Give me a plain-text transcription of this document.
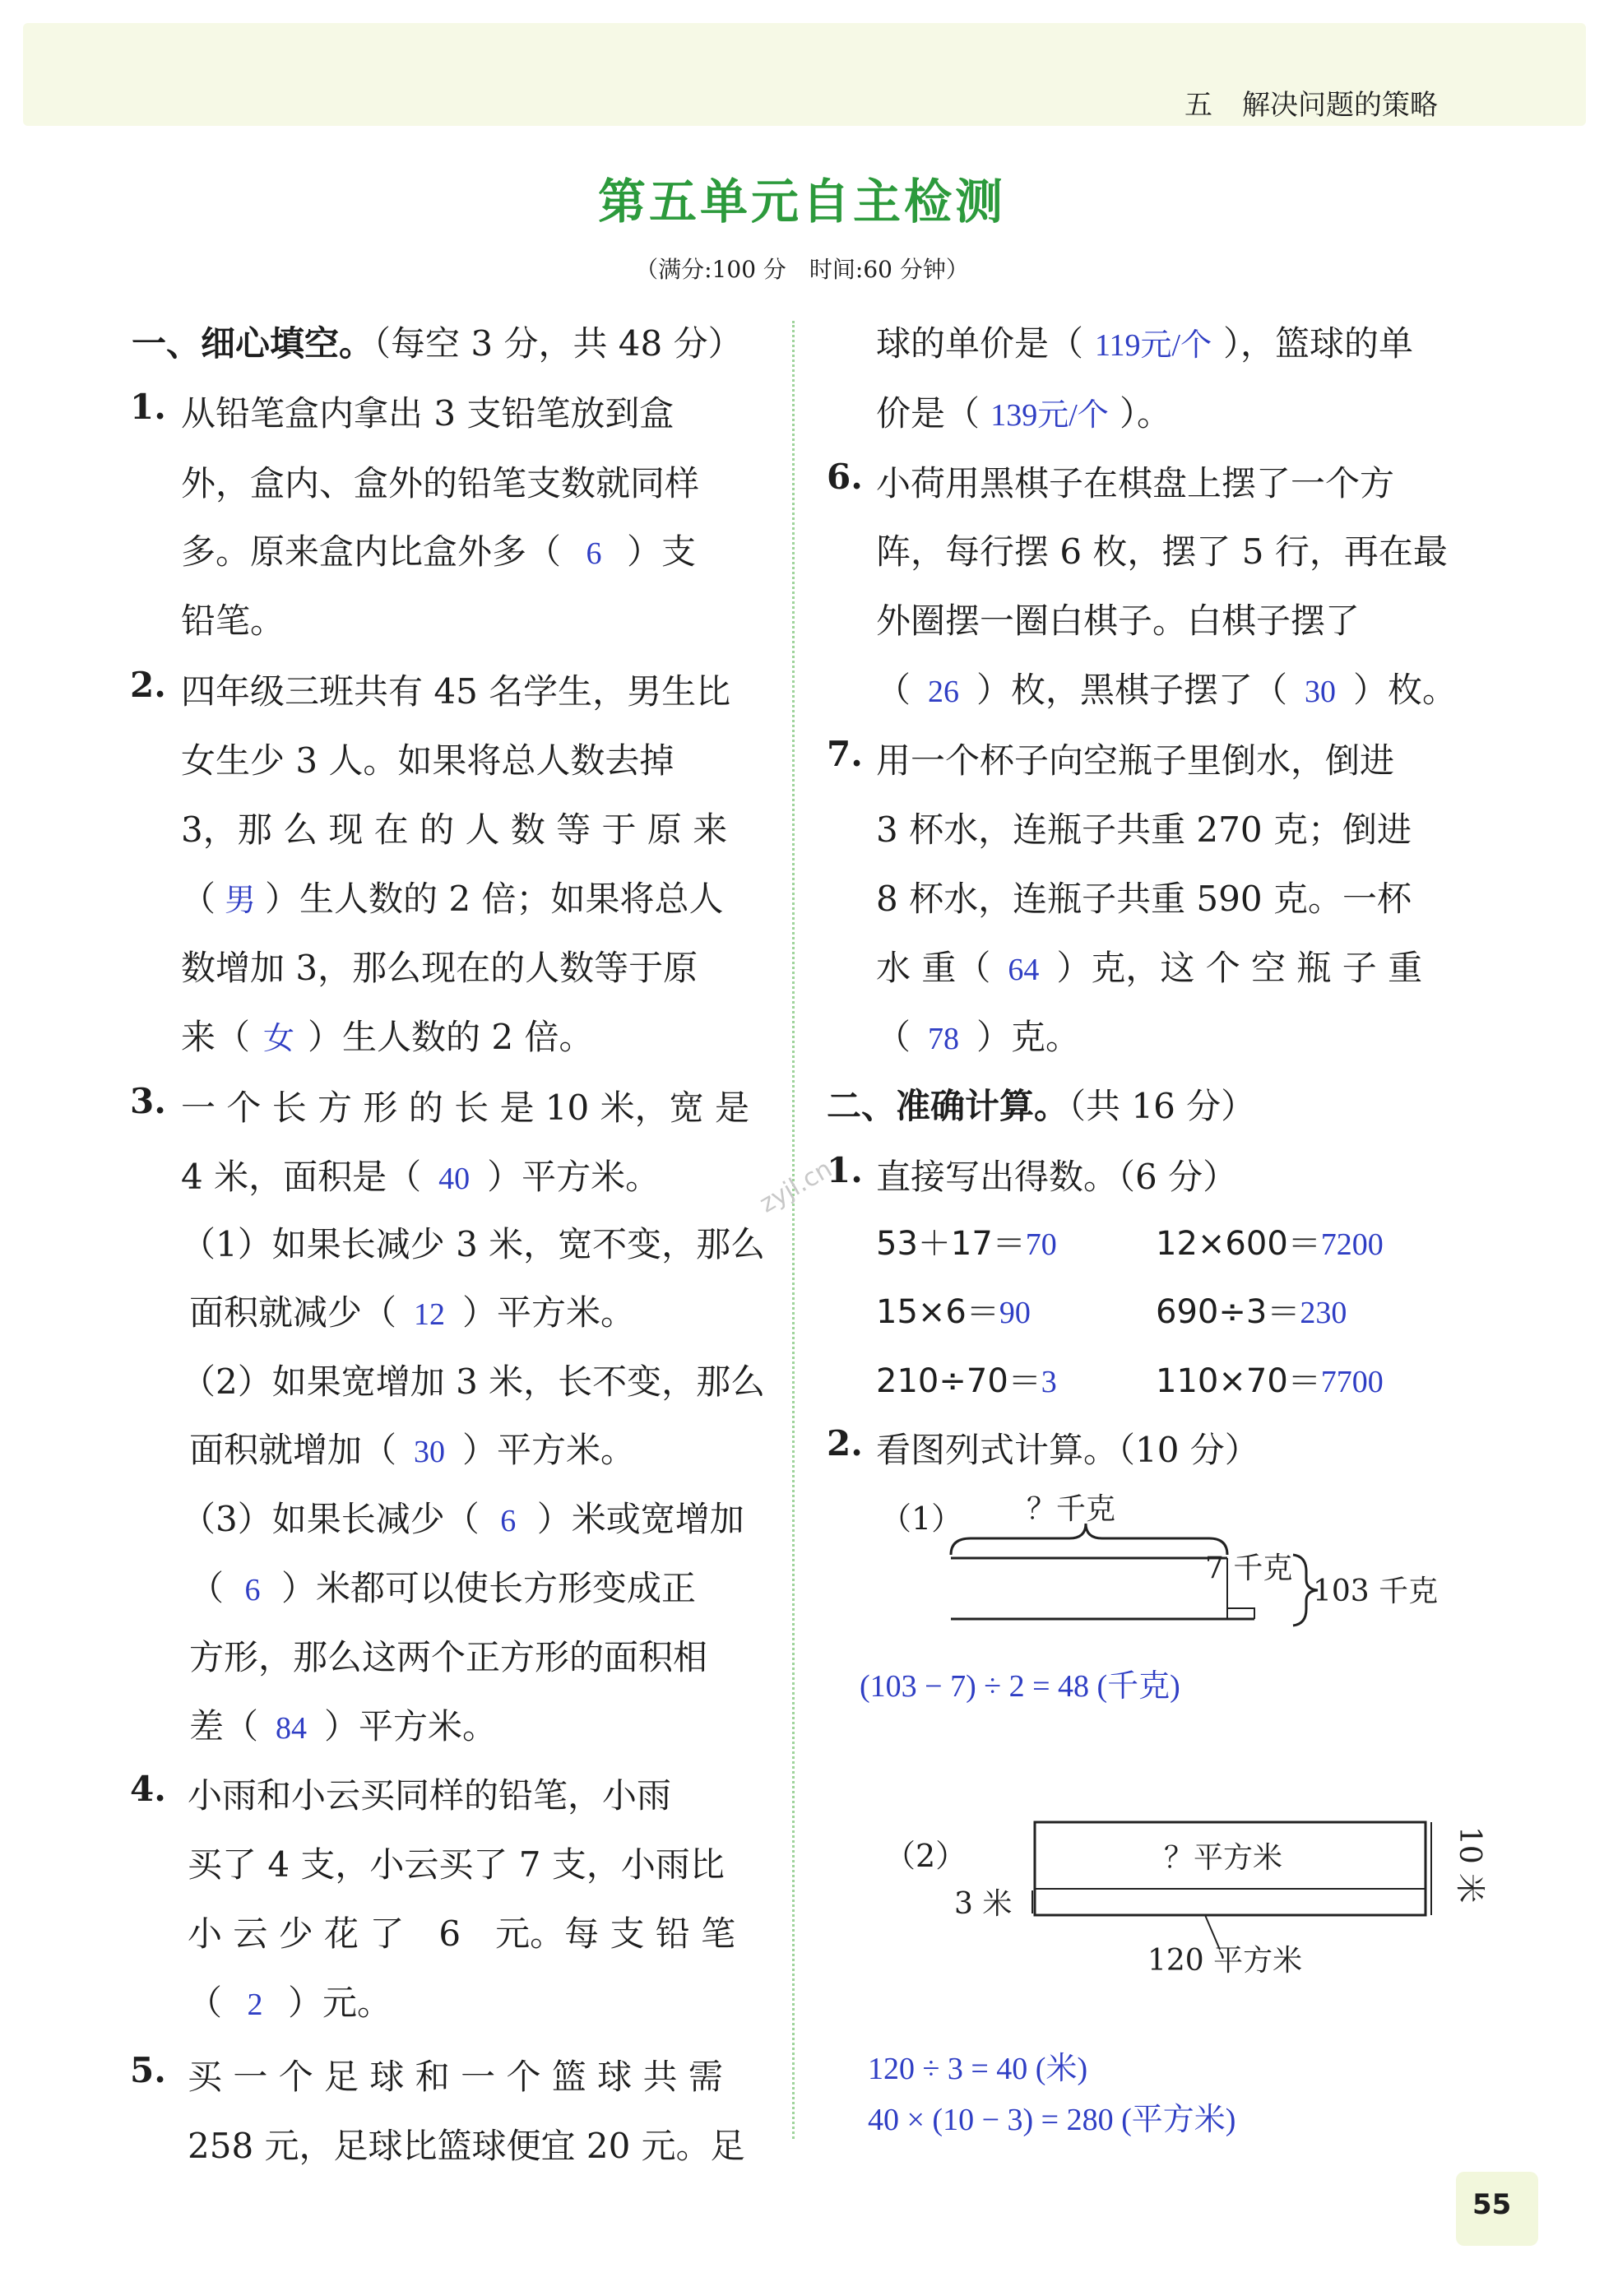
五 解决问题的策略
第五单元自主检测
（满分:100 分　时间:60 分钟）
zyjl.cn
一、细心填空。（每空 3 分，共 48 分）
1. 从铅笔盒内拿出 3 支铅笔放到盒
外，盒内、盒外的铅笔支数就同样
多。原来盒内比盒外多（ 6 ）支
铅笔。
2. 四年级三班共有 45 名学生，男生比
女生少 3 人。如果将总人数去掉
3，那 么 现 在 的 人 数 等 于 原 来
（ 男 ）生人数的 2 倍；如果将总人
数增加 3，那么现在的人数等于原
来（ 女 ）生人数的 2 倍。
3. 一 个 长 方 形 的 长 是 10 米，宽 是
4 米，面积是（ 40 ）平方米。
（1）如果长减少 3 米，宽不变，那么
面积就减少（ 12 ）平方米。
（2）如果宽增加 3 米，长不变，那么
面积就增加（ 30 ）平方米。
（3）如果长减少（ 6 ）米或宽增加
（ 6 ）米都可以使长方形变成正
方形，那么这两个正方形的面积相
差（ 84 ）平方米。
4. 小雨和小云买同样的铅笔，小雨
买了 4 支，小云买了 7 支，小雨比
小 云 少 花 了　6　元。每 支 铅 笔
（ 2 ）元。
5. 买 一 个 足 球 和 一 个 篮 球 共 需
258 元，足球比篮球便宜 20 元。足
球的单价是（ 119元/个 ），篮球的单
价是（ 139元/个 ）。
6. 小荷用黑棋子在棋盘上摆了一个方
阵，每行摆 6 枚，摆了 5 行，再在最
外圈摆一圈白棋子。白棋子摆了
（ 26 ）枚，黑棋子摆了（ 30 ）枚。
7. 用一个杯子向空瓶子里倒水，倒进
3 杯水，连瓶子共重 270 克；倒进
8 杯水，连瓶子共重 590 克。一杯
水 重（ 64 ）克，这 个 空 瓶 子 重
（ 78 ）克。
二、准确计算。（共 16 分）
1. 直接写出得数。（6 分）
53＋17＝70	12×600＝7200
15×6＝90	690÷3＝230
210÷70＝3	110×70＝7700
2. 看图列式计算。（10 分）
（1） ？千克
7 千克
103 千克
(103 − 7) ÷ 2 = 48 (千克)
（2）
3 米
？平方米	10 米
120 平方米
120 ÷ 3 = 40 (米)
40 × (10 − 3) = 280 (平方米)
55
